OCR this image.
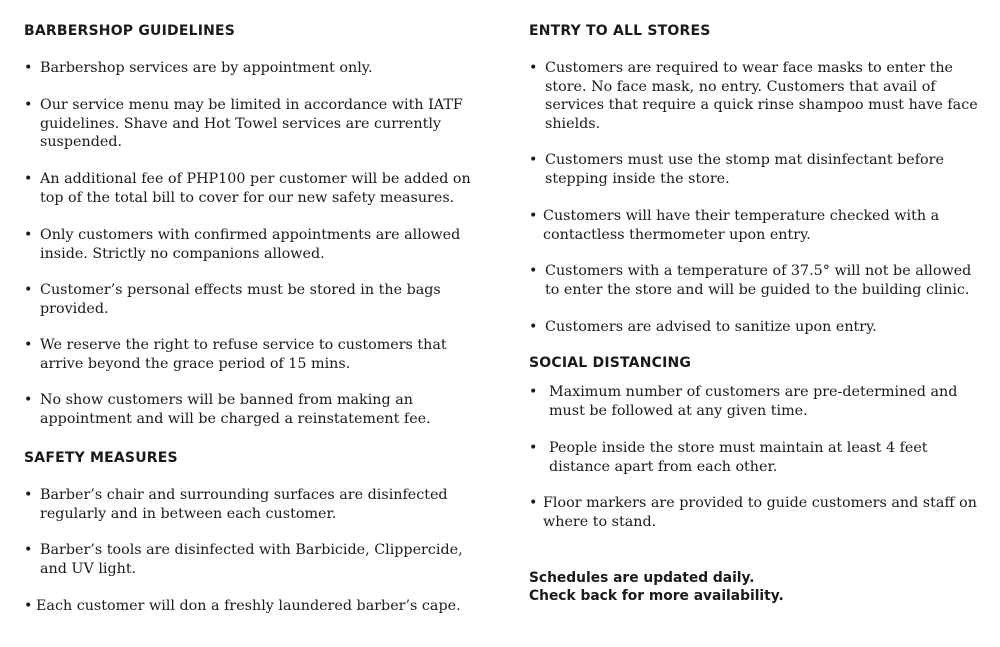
BARBERSHOP GUIDELINES
• Barbershop services are by appointment only.
• Our service menu may be limited in accordance with IATF guidelines. Shave and Hot Towel services are currently suspended.
• An additional fee of PHP100 per customer will be added on top of the total bill to cover for our new safety measures.
• Only customers with confirmed appointments are allowed inside. Strictly no companions allowed.
• Customer’s personal effects must be stored in the bags provided.
• We reserve the right to refuse service to customers that arrive beyond the grace period of 15 mins.
• No show customers will be banned from making an appointment and will be charged a reinstatement fee.
SAFETY MEASURES
• Barber’s chair and surrounding surfaces are disinfected regularly and in between each customer.
• Barber’s tools are disinfected with Barbicide, Clippercide, and UV light.
• Each customer will don a freshly laundered barber’s cape.
ENTRY TO ALL STORES
• Customers are required to wear face masks to enter the store. No face mask, no entry. Customers that avail of services that require a quick rinse shampoo must have face shields.
• Customers must use the stomp mat disinfectant before stepping inside the store.
• Customers will have their temperature checked with a contactless thermometer upon entry.
• Customers with a temperature of 37.5° will not be allowed to enter the store and will be guided to the building clinic.
• Customers are advised to sanitize upon entry.
SOCIAL DISTANCING
• Maximum number of customers are pre-determined and must be followed at any given time.
• People inside the store must maintain at least 4 feet distance apart from each other.
• Floor markers are provided to guide customers and staff on where to stand.
Schedules are updated daily.
Check back for more availability.
